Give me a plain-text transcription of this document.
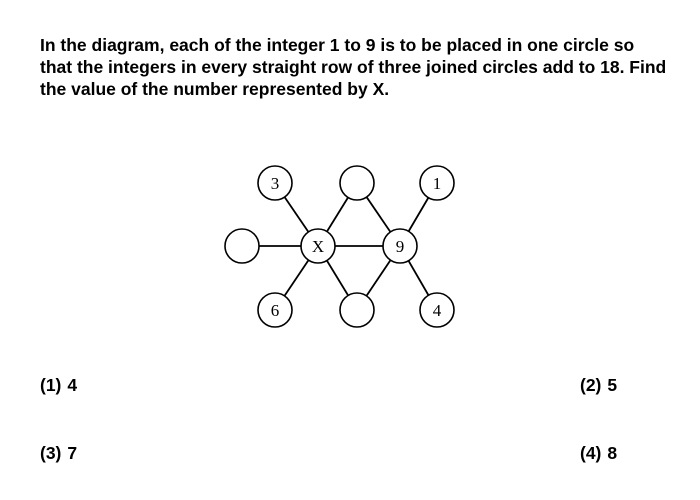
In the diagram, each of the integer 1 to 9 is to be placed in one circle so that the integers in every straight row of three joined circles add to 18. Find the value of the number represented by X.

3	1
X	9
6	4
(1) 4	(2) 5
(3) 7	(4) 8
